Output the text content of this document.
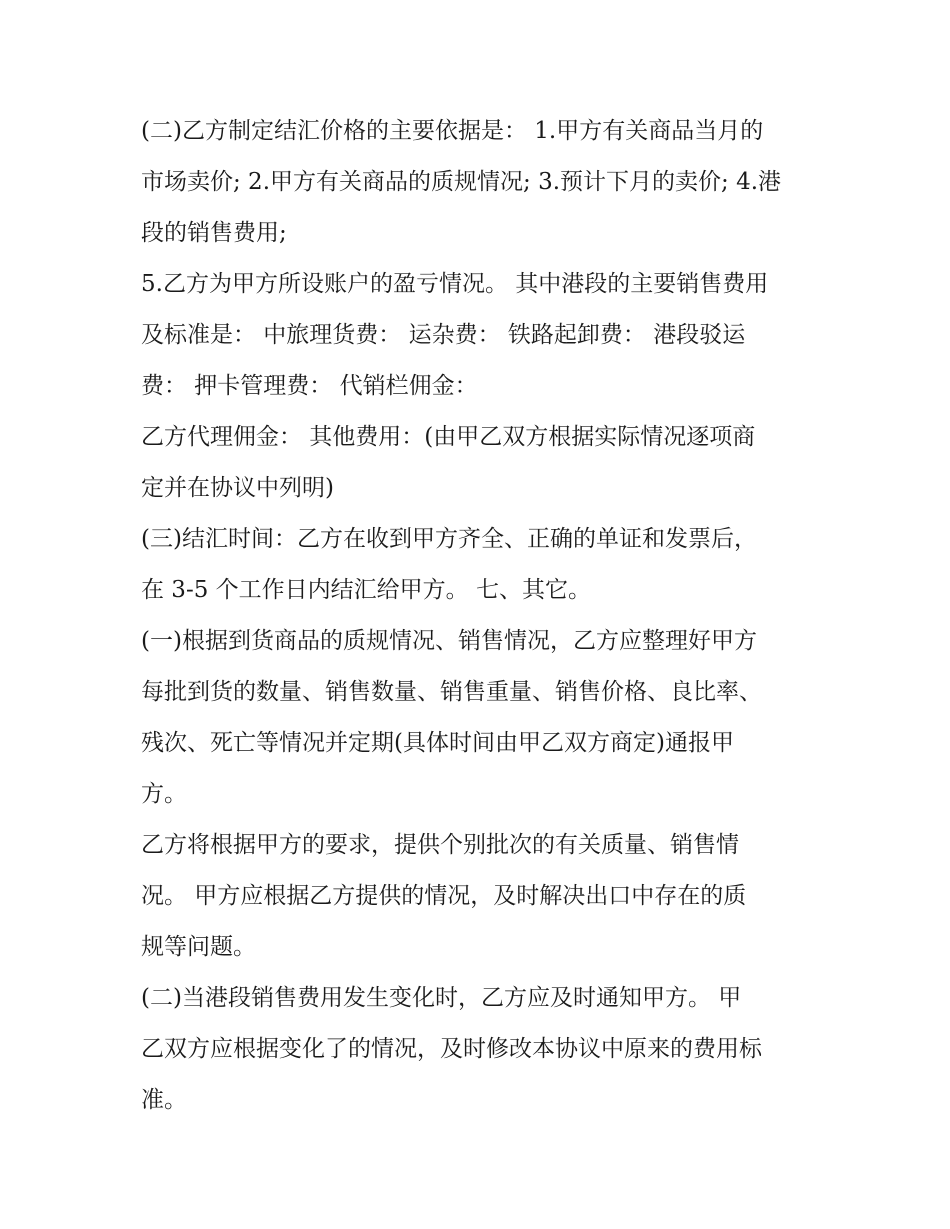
(二)乙方制定结汇价格的主要依据是： 1.甲方有关商品当月的
市场卖价; 2.甲方有关商品的质规情况; 3.预计下月的卖价; 4.港
段的销售费用;

5.乙方为甲方所设账户的盈亏情况。 其中港段的主要销售费用
及标准是： 中旅理货费： 运杂费： 铁路起卸费： 港段驳运
费： 押卡管理费： 代销栏佣金：

乙方代理佣金： 其他费用：(由甲乙双方根据实际情况逐项商
定并在协议中列明)

(三)结汇时间：乙方在收到甲方齐全、正确的单证和发票后，
在 3-5 个工作日内结汇给甲方。 七、其它。

(一)根据到货商品的质规情况、销售情况，乙方应整理好甲方
每批到货的数量、销售数量、销售重量、销售价格、良比率、
残次、死亡等情况并定期(具体时间由甲乙双方商定)通报甲
方。

乙方将根据甲方的要求，提供个别批次的有关质量、销售情
况。 甲方应根据乙方提供的情况，及时解决出口中存在的质
规等问题。

(二)当港段销售费用发生变化时，乙方应及时通知甲方。 甲
乙双方应根据变化了的情况，及时修改本协议中原来的费用标
准。
